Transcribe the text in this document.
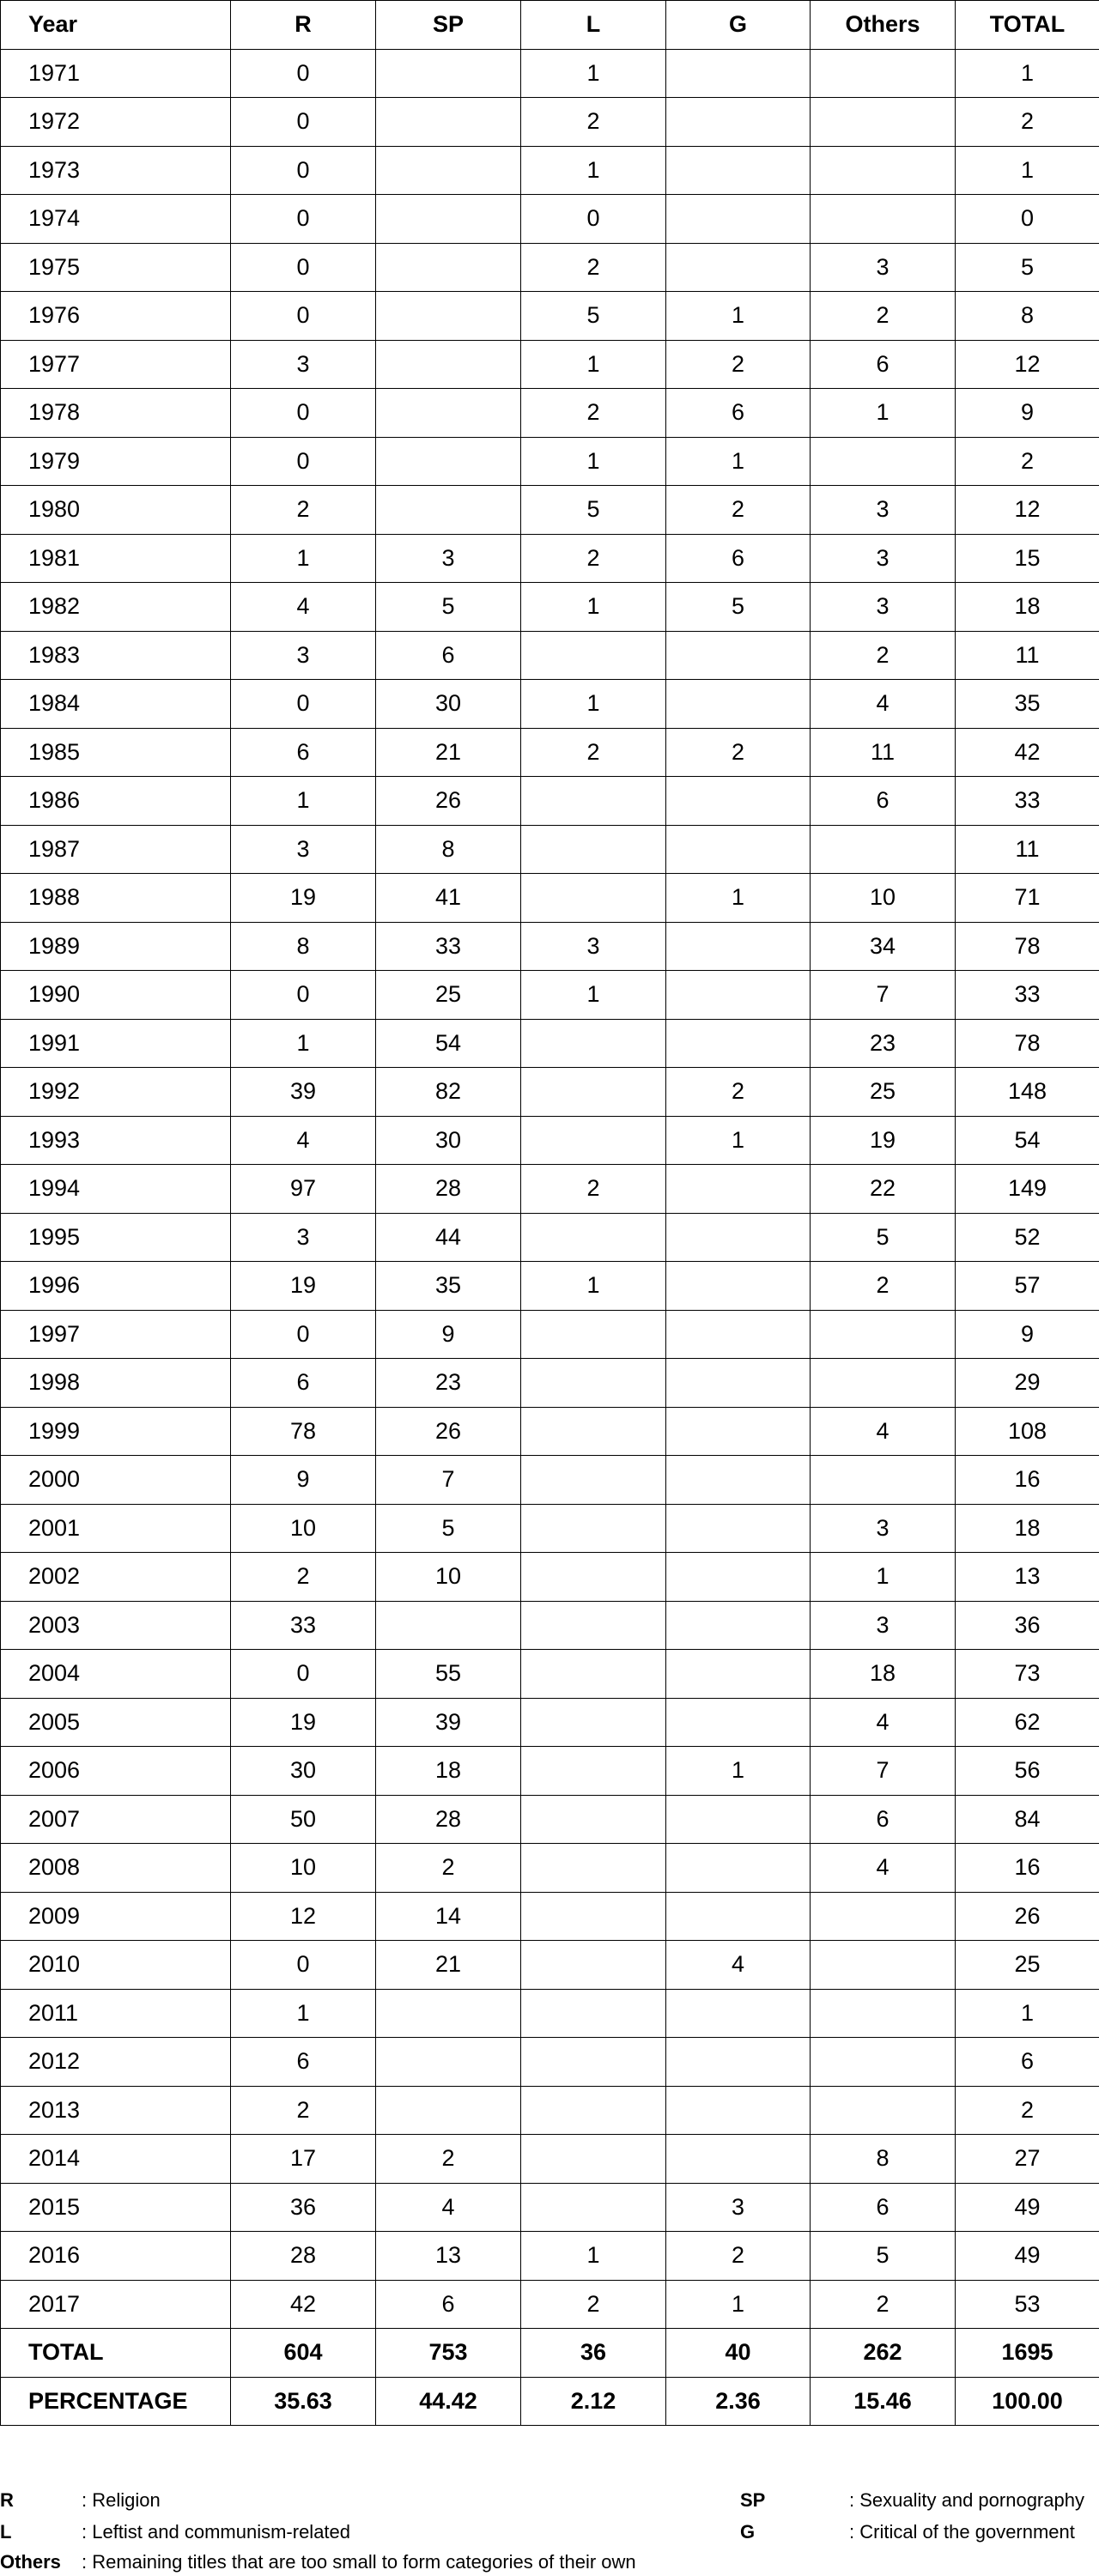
Year	R	SP	L	G	Others	TOTAL
1971	0		1			1
1972	0		2			2
1973	0		1			1
1974	0		0			0
1975	0		2		3	5
1976	0		5	1	2	8
1977	3		1	2	6	12
1978	0		2	6	1	9
1979	0		1	1		2
1980	2		5	2	3	12
1981	1	3	2	6	3	15
1982	4	5	1	5	3	18
1983	3	6			2	11
1984	0	30	1		4	35
1985	6	21	2	2	11	42
1986	1	26			6	33
1987	3	8				11
1988	19	41		1	10	71
1989	8	33	3		34	78
1990	0	25	1		7	33
1991	1	54			23	78
1992	39	82		2	25	148
1993	4	30		1	19	54
1994	97	28	2		22	149
1995	3	44			5	52
1996	19	35	1		2	57
1997	0	9				9
1998	6	23				29
1999	78	26			4	108
2000	9	7				16
2001	10	5			3	18
2002	2	10			1	13
2003	33				3	36
2004	0	55			18	73
2005	19	39			4	62
2006	30	18		1	7	56
2007	50	28			6	84
2008	10	2			4	16
2009	12	14				26
2010	0	21		4		25
2011	1					1
2012	6					6
2013	2					2
2014	17	2			8	27
2015	36	4		3	6	49
2016	28	13	1	2	5	49
2017	42	6	2	1	2	53
TOTAL	604	753	36	40	262	1695
PERCENTAGE	35.63	44.42	2.12	2.36	15.46	100.00
R	: Religion	SP	: Sexuality and pornography
L	: Leftist and communism-related	G	: Critical of the government
Others : Remaining titles that are too small to form categories of their own
